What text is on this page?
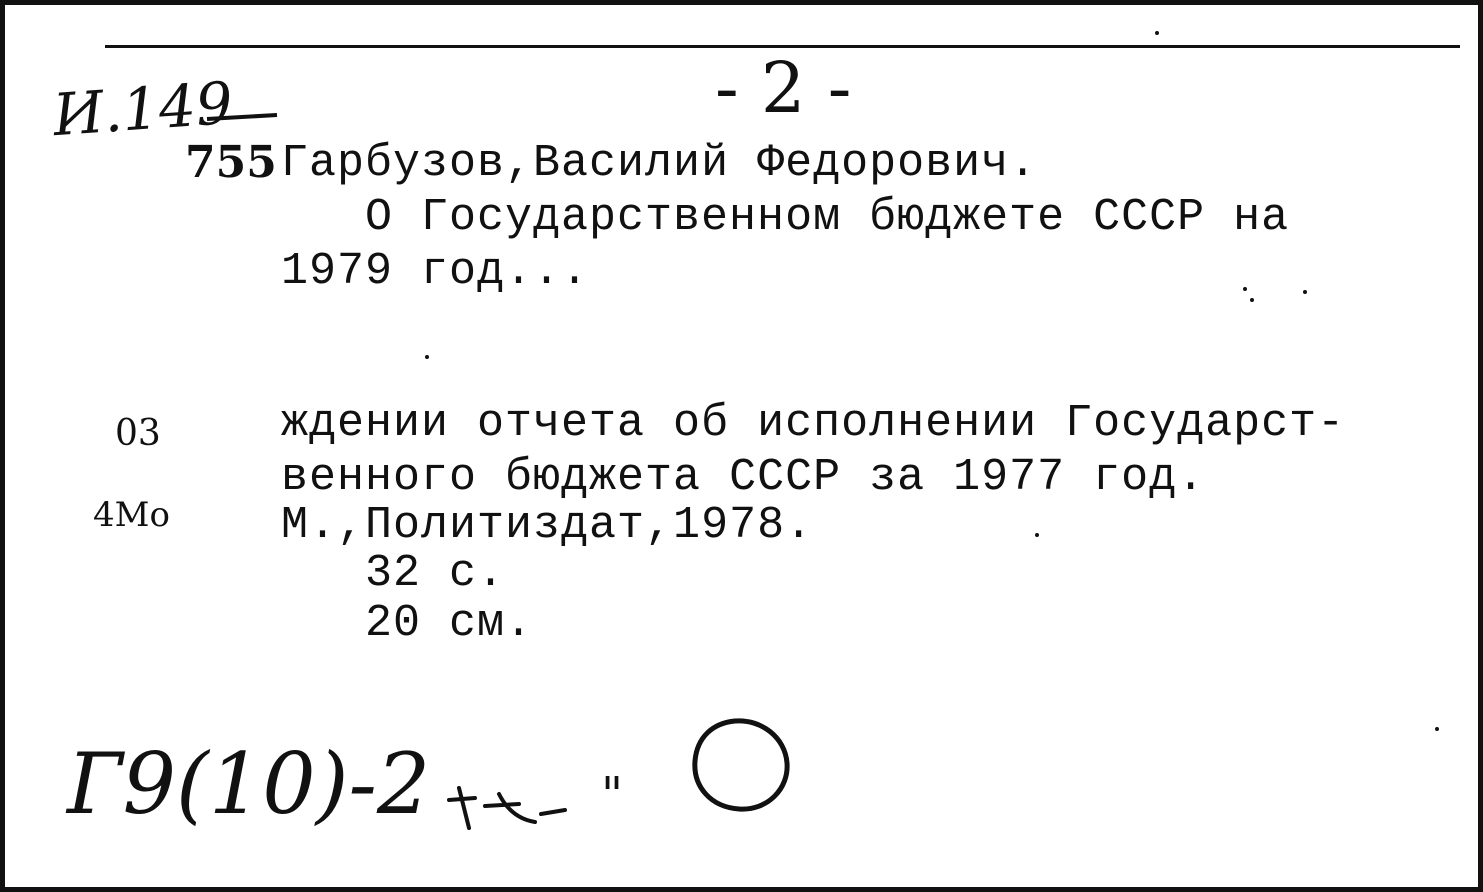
- 2 -
И.149
755 Гарбузов,Василий Федорович.
О Государственном бюджете СССР на
1979 год...
03
4Мо
ждении отчета об исполнении Государст-
венного бюджета СССР за 1977 год.
М.,Политиздат,1978.
32 с.
20 см.
Г9(10)-2	"
